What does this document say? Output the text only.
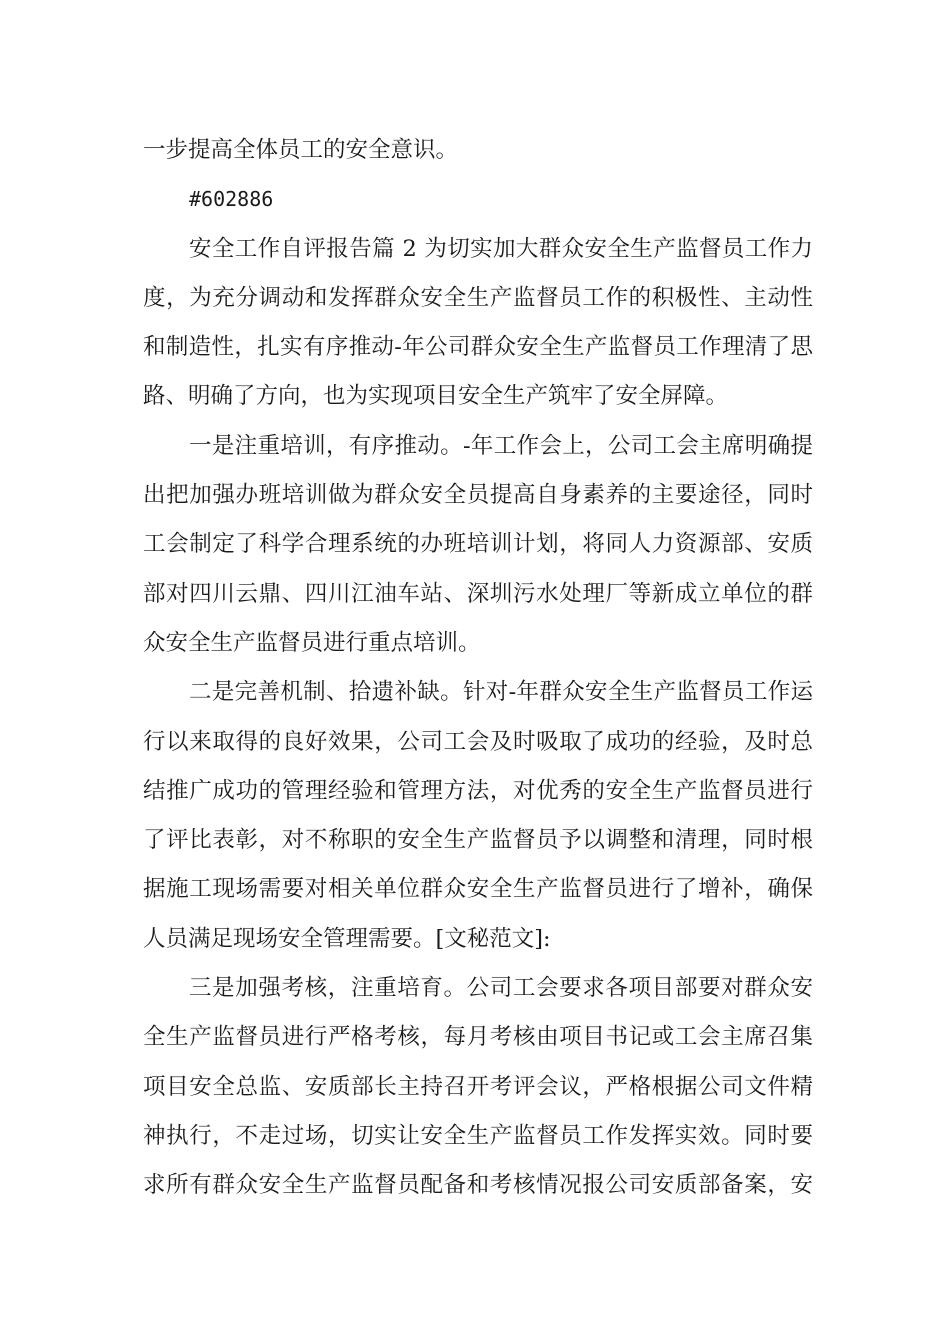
一步提高全体员工的安全意识。
#602886
安全工作自评报告篇 2 为切实加大群众安全生产监督员工作力
度，为充分调动和发挥群众安全生产监督员工作的积极性、主动性
和制造性，扎实有序推动-年公司群众安全生产监督员工作理清了思
路、明确了方向，也为实现项目安全生产筑牢了安全屏障。
一是注重培训，有序推动。-年工作会上，公司工会主席明确提
出把加强办班培训做为群众安全员提高自身素养的主要途径，同时
工会制定了科学合理系统的办班培训计划，将同人力资源部、安质
部对四川云鼎、四川江油车站、深圳污水处理厂等新成立单位的群
众安全生产监督员进行重点培训。
二是完善机制、拾遗补缺。针对-年群众安全生产监督员工作运
行以来取得的良好效果，公司工会及时吸取了成功的经验，及时总
结推广成功的管理经验和管理方法，对优秀的安全生产监督员进行
了评比表彰，对不称职的安全生产监督员予以调整和清理，同时根
据施工现场需要对相关单位群众安全生产监督员进行了增补，确保
人员满足现场安全管理需要。[文秘范文]:
三是加强考核，注重培育。公司工会要求各项目部要对群众安
全生产监督员进行严格考核，每月考核由项目书记或工会主席召集
项目安全总监、安质部长主持召开考评会议，严格根据公司文件精
神执行，不走过场，切实让安全生产监督员工作发挥实效。同时要
求所有群众安全生产监督员配备和考核情况报公司安质部备案，安
